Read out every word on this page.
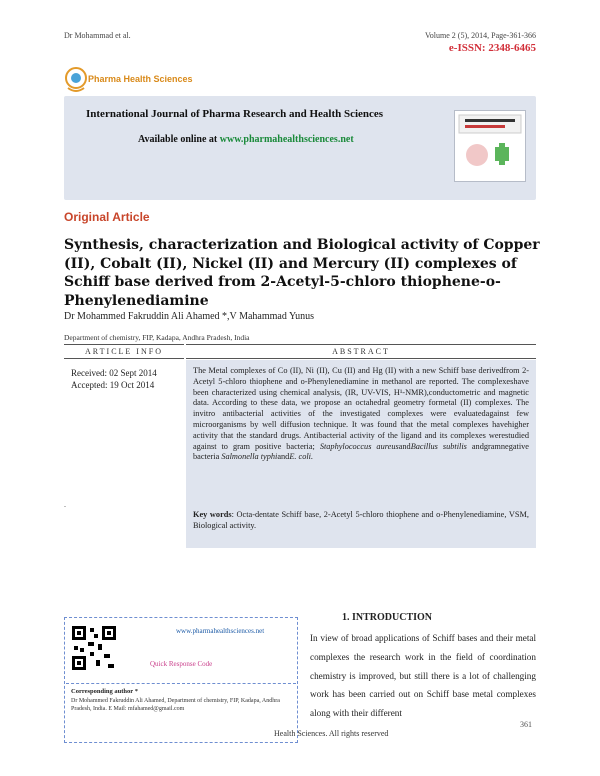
Dr Mohammad et al.	Volume 2 (5), 2014, Page-361-366
e-ISSN: 2348-6465
Pharma Health Sciences
International Journal of Pharma Research and Health Sciences
Available online at www.pharmahealthsciences.net
Original Article
Synthesis, characterization and Biological activity of Copper (II), Cobalt (II), Nickel (II) and Mercury (II) complexes of Schiff base derived from 2-Acetyl-5-chloro thiophene-o-Phenylenediamine
Dr Mohammed Fakruddin Ali Ahamed *,V Mahammad Yunus
Department of chemistry, FIP, Kadapa, Andhra Pradesh, India
ARTICLE INFO	ABSTRACT
Received: 02 Sept 2014
Accepted: 19 Oct 2014
.
The Metal complexes of Co (II), Ni (II), Cu (II) and Hg (II) with a new Schiff base derivedfrom 2-Acetyl 5-chloro thiophene and o-Phenylenediamine in methanol are reported. The complexeshave been characterized using chemical analysis, (IR, UV-VIS, H¹-NMR),conductometric and magnetic data. According to these data, we propose an octahedral geometry formetal (II) complexes. The invitro antibacterial activities of the investigated complexes were evaluatedagainst few microorganisms by well diffusion technique. It was found that the metal complexes havehigher activity that the standard drugs. Antibacterial activity of the ligand and its complexes werestudied against to gram positive bacteria; Staphylococcus aureusandBacillus subtilis andgramnegative bacteria Salmonella typhiandE. coli.
Key words: Octa-dentate Schiff base, 2-Acetyl 5-chloro thiophene and o-Phenylenediamine, VSM, Biological activity.
www.pharmahealthsciences.net
Quick Response Code
Corresponding author *
Dr Mohammed Fakruddin Ali Ahamed, Department of chemistry, FIP, Kadapa, Andhra Pradesh, India. E Mail: mfahamed@gmail.com
1. INTRODUCTION
In view of broad applications of Schiff bases and their metal complexes the research work in the field of coordination chemistry is improved, but still there is a lot of challenging work has been carried out on Schiff base metal complexes along with their different
Health Sciences. All rights reserved
361
